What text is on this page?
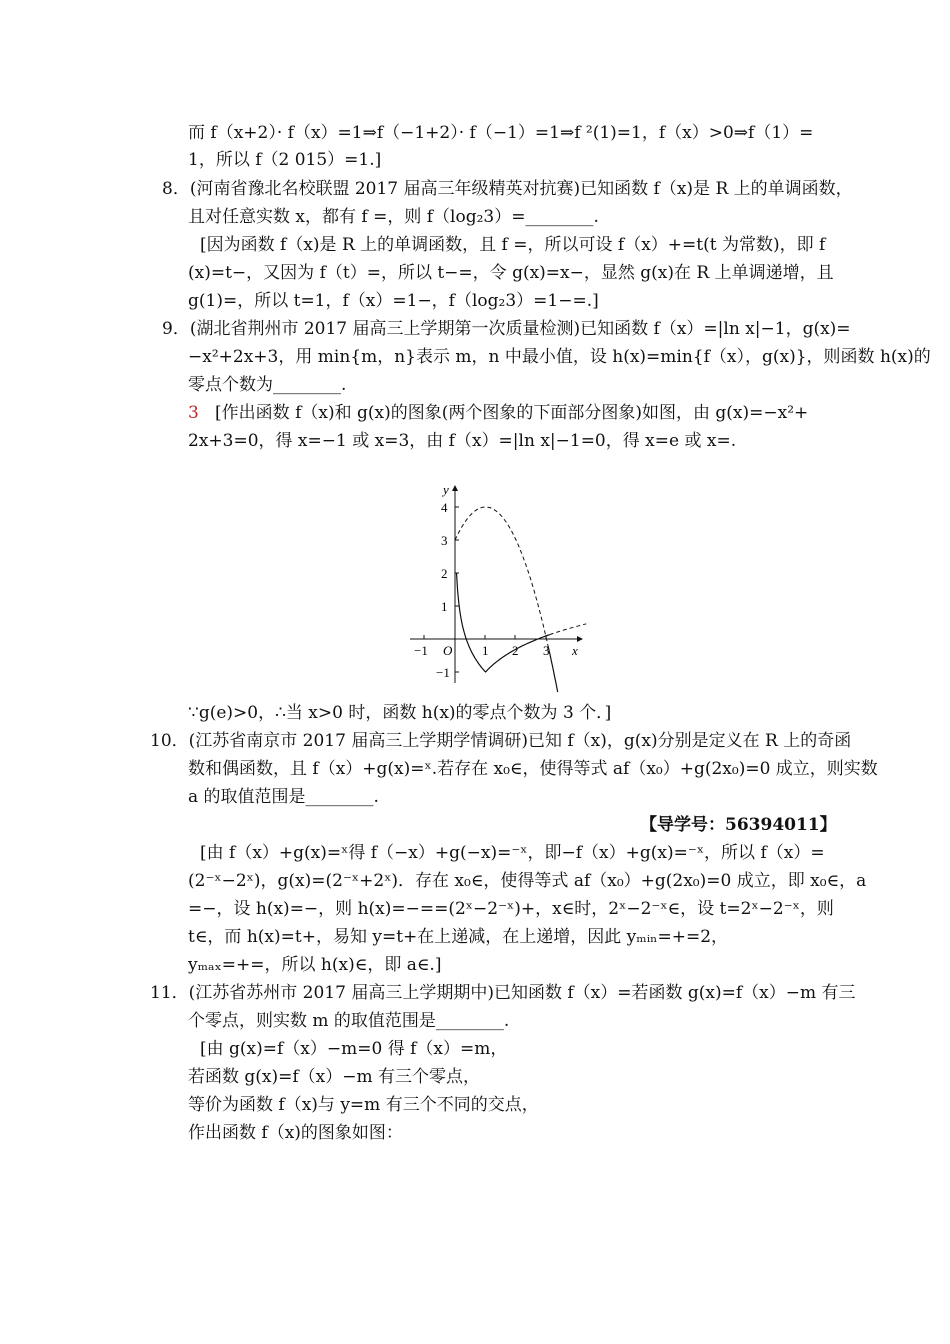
而 f（x+2）· f（x）=1⇒f（−1+2）· f（−1）=1⇒f ²(1)=1，f（x）>0⇒f（1）=
1，所以 f（2 015）=1.]
8．(河南省豫北名校联盟 2017 届高三年级精英对抗赛)已知函数 f（x)是 R 上的单调函数，
且对任意实数 x，都有 f =，则 f（log₂3）=________.
[因为函数 f（x)是 R 上的单调函数，且 f =，所以可设 f（x）+=t(t 为常数)，即 f
(x)=t−，又因为 f（t）=，所以 t−=，令 g(x)=x−，显然 g(x)在 R 上单调递增，且
g(1)=，所以 t=1，f（x）=1−，f（log₂3）=1−=.]
9．(湖北省荆州市 2017 届高三上学期第一次质量检测)已知函数 f（x）=|ln x|−1，g(x)=
−x²+2x+3，用 min{m，n}表示 m，n 中最小值，设 h(x)=min{f（x），g(x)}，则函数 h(x)的
零点个数为________.
3 [作出函数 f（x)和 g(x)的图象(两个图象的下面部分图象)如图，由 g(x)=−x²+
2x+3=0，得 x=−1 或 x=3，由 f（x）=|ln x|−1=0，得 x=e 或 x=.
y
x
O
−1	1 2 3
4
3
2
1
−1
∵g(e)>0，∴当 x>0 时，函数 h(x)的零点个数为 3 个．]
10．(江苏省南京市 2017 届高三上学期学情调研)已知 f（x)，g(x)分别是定义在 R 上的奇函
数和偶函数，且 f（x）+g(x)=ˣ.若存在 x₀∈，使得等式 af（x₀）+g(2x₀)=0 成立，则实数
a 的取值范围是________.
【导学号：56394011】
[由 f（x）+g(x)=ˣ得 f（−x）+g(−x)=⁻ˣ，即−f（x）+g(x)=⁻ˣ，所以 f（x）=
(2⁻ˣ−2ˣ)，g(x)=(2⁻ˣ+2ˣ)．存在 x₀∈，使得等式 af（x₀）+g(2x₀)=0 成立，即 x₀∈，a
=−，设 h(x)=−，则 h(x)=−==(2ˣ−2⁻ˣ)+，x∈时，2ˣ−2⁻ˣ∈，设 t=2ˣ−2⁻ˣ，则
t∈，而 h(x)=t+，易知 y=t+在上递减，在上递增，因此 yₘᵢₙ=+=2，
yₘₐₓ=+=，所以 h(x)∈，即 a∈.]
11．(江苏省苏州市 2017 届高三上学期期中)已知函数 f（x）=若函数 g(x)=f（x）−m 有三
个零点，则实数 m 的取值范围是________.
[由 g(x)=f（x）−m=0 得 f（x）=m，
若函数 g(x)=f（x）−m 有三个零点，
等价为函数 f（x)与 y=m 有三个不同的交点，
作出函数 f（x)的图象如图：
